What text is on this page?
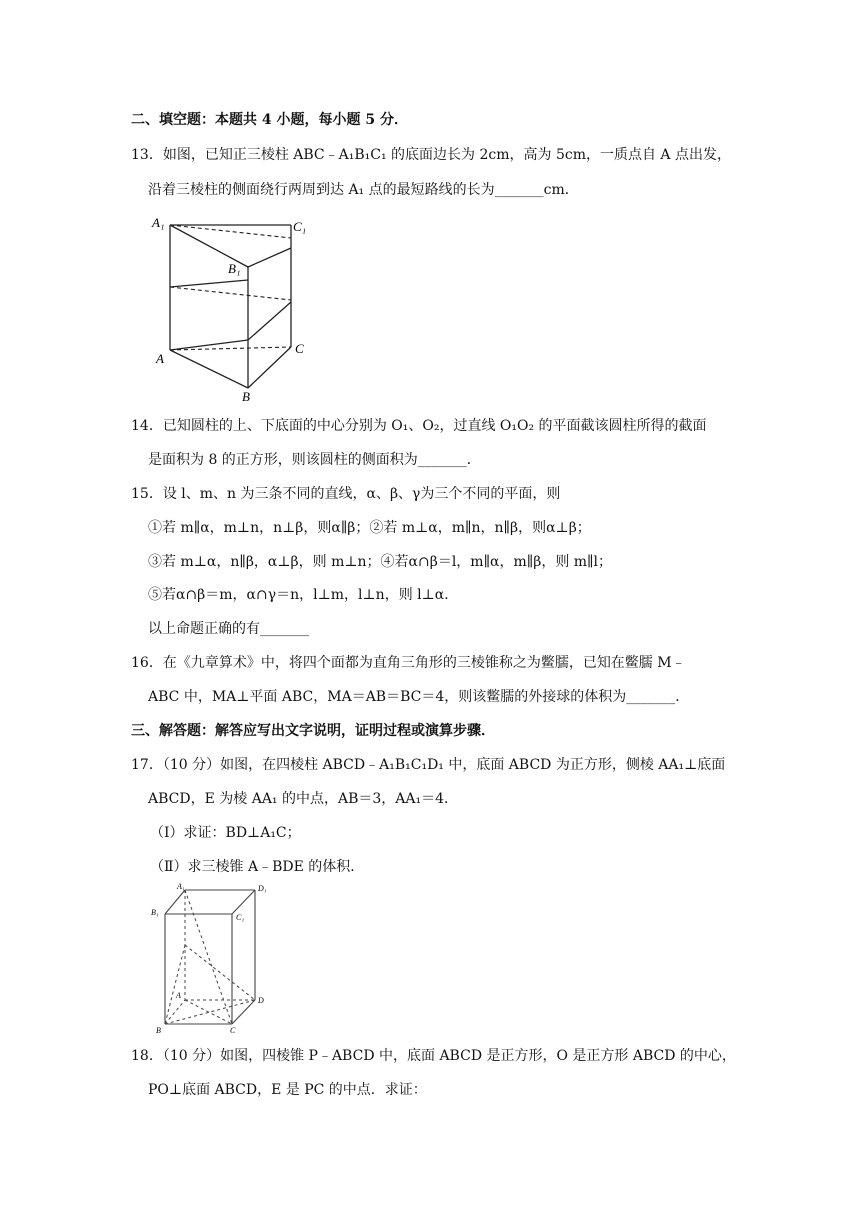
二、填空题：本题共 4 小题，每小题 5 分．
13．如图，已知正三棱柱 ABC﹣A₁B₁C₁ 的底面边长为 2cm，高为 5cm，一质点自 A 点出发，
沿着三棱柱的侧面绕行两周到达 A₁ 点的最短路线的长为_______cm．
A₁	C₁
B₁
A
C
B
14．已知圆柱的上、下底面的中心分别为 O₁、O₂，过直线 O₁O₂ 的平面截该圆柱所得的截面
是面积为 8 的正方形，则该圆柱的侧面积为_______．
15．设 l、m、n 为三条不同的直线，α、β、γ为三个不同的平面，则
①若 m∥α，m⊥n，n⊥β，则α∥β；②若 m⊥α，m∥n，n∥β，则α⊥β；
③若 m⊥α，n∥β，α⊥β，则 m⊥n；④若α∩β＝l，m∥α，m∥β，则 m∥l；
⑤若α∩β＝m，α∩γ＝n，l⊥m，l⊥n，则 l⊥α．
以上命题正确的有_______
16．在《九章算术》中，将四个面都为直角三角形的三棱锥称之为鳖臑，已知在鳖臑 M﹣
ABC 中，MA⊥平面 ABC，MA＝AB＝BC＝4，则该鳖臑的外接球的体积为_______．
三、解答题：解答应写出文字说明，证明过程或演算步骤．
17．（10 分）如图，在四棱柱 ABCD﹣A₁B₁C₁D₁ 中，底面 ABCD 为正方形，侧棱 AA₁⊥底面
ABCD，E 为棱 AA₁ 的中点，AB＝3，AA₁＝4．
（Ⅰ）求证：BD⊥A₁C；
（Ⅱ）求三棱锥 A﹣BDE 的体积．
A₁	D₁
B₁
C₁
A
D
B	C
18．（10 分）如图，四棱锥 P﹣ABCD 中，底面 ABCD 是正方形，O 是正方形 ABCD 的中心，
PO⊥底面 ABCD，E 是 PC 的中点．求证：
